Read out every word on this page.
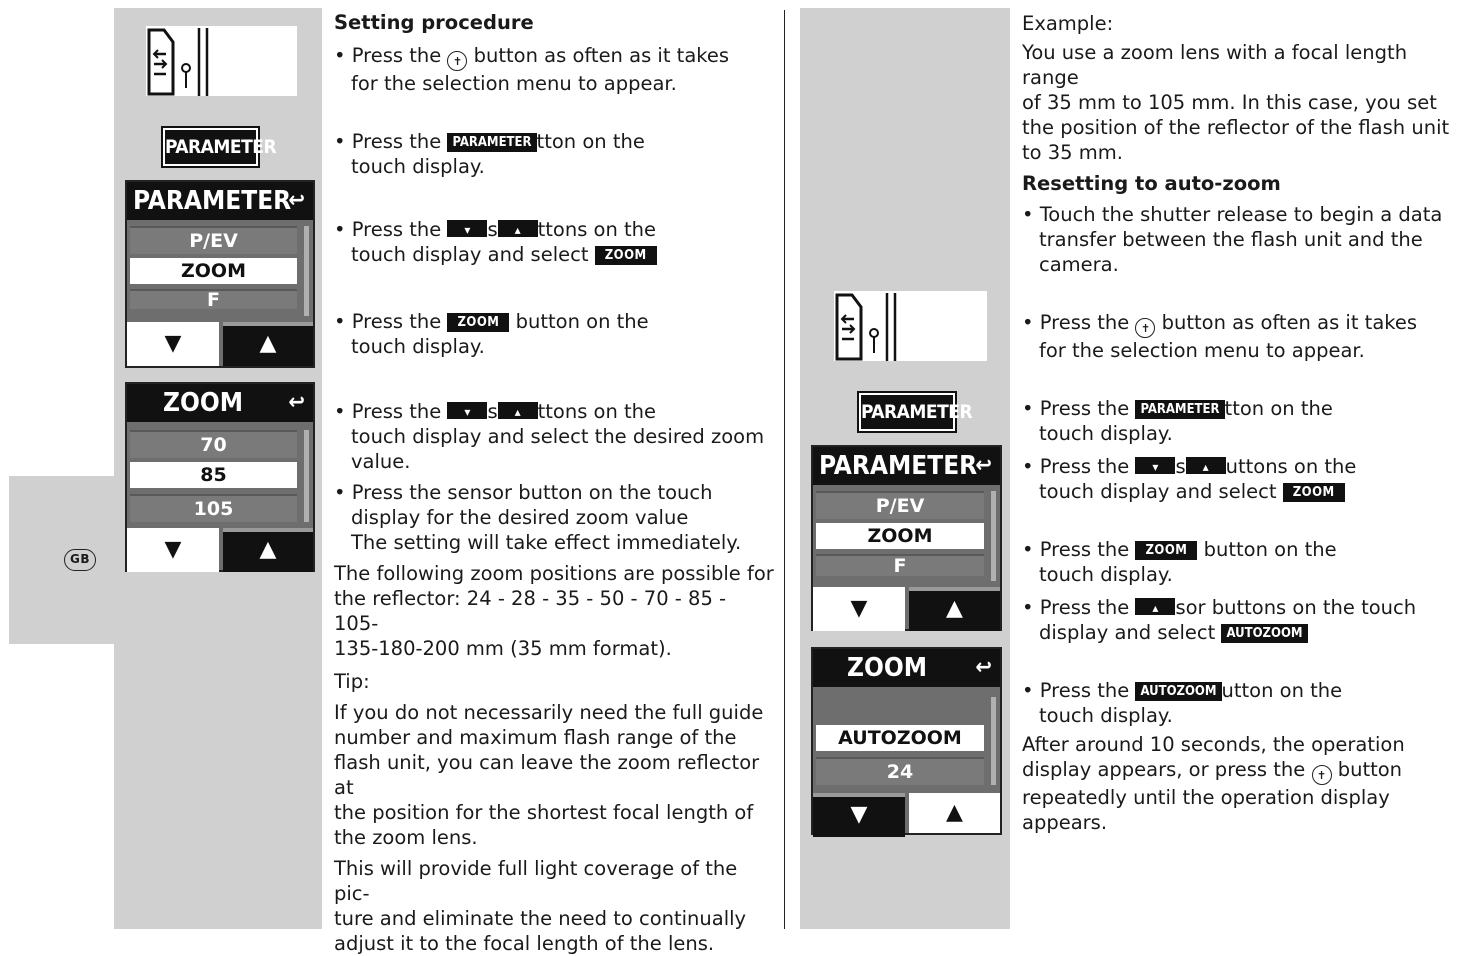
GB
PARAMETER
PARAMETER
↩
P/EV
ZOOM
F
▼	▲
ZOOM ↩
70
85
105
▼	▲

Setting procedure

• Press the ✝ button as often as it takes
for the selection menu to appear.

• Press the PARAMETER tton on the
touch display.

• Press the	▾ s	▴ ttons on the
touch display and select ZOOM

• Press the ZOOM button on the
touch display.

• Press the	▾ s	▴ ttons on the
touch display and select the desired zoom
value.

• Press the sensor button on the touch
display for the desired zoom value
The setting will take effect immediately.

The following zoom positions are possible for
the reflector: 24 - 28 - 35 - 50 - 70 - 85 - 105-
135-180-200 mm (35 mm format).

Tip:

If you do not necessarily need the full guide
number and maximum flash range of the
flash unit, you can leave the zoom reflector at
the position for the shortest focal length of
the zoom lens.

This will provide full light coverage of the pic-
ture and eliminate the need to continually
adjust it to the focal length of the lens.

PARAMETER
PARAMETER
↩
P/EV
ZOOM
F
▼	▲
ZOOM ↩
AUTOZOOM
24
▼	▲

Example:

You use a zoom lens with a focal length range
of 35 mm to 105 mm. In this case, you set
the position of the reflector of the flash unit
to 35 mm.

Resetting to auto-zoom

• Touch the shutter release to begin a data
transfer between the flash unit and the
camera.

• Press the ✝ button as often as it takes
for the selection menu to appear.

• Press the PARAMETER tton on the
touch display.

• Press the	▾ s	▴ uttons on the
touch display and select ZOOM

• Press the ZOOM button on the
touch display.

• Press the	▴ sor buttons on the touch
display and select AUTOZOOM

• Press the AUTOZOOM utton on the
touch display.

After around 10 seconds, the operation
display appears, or press the ✝ button
repeatedly until the operation display
appears.
